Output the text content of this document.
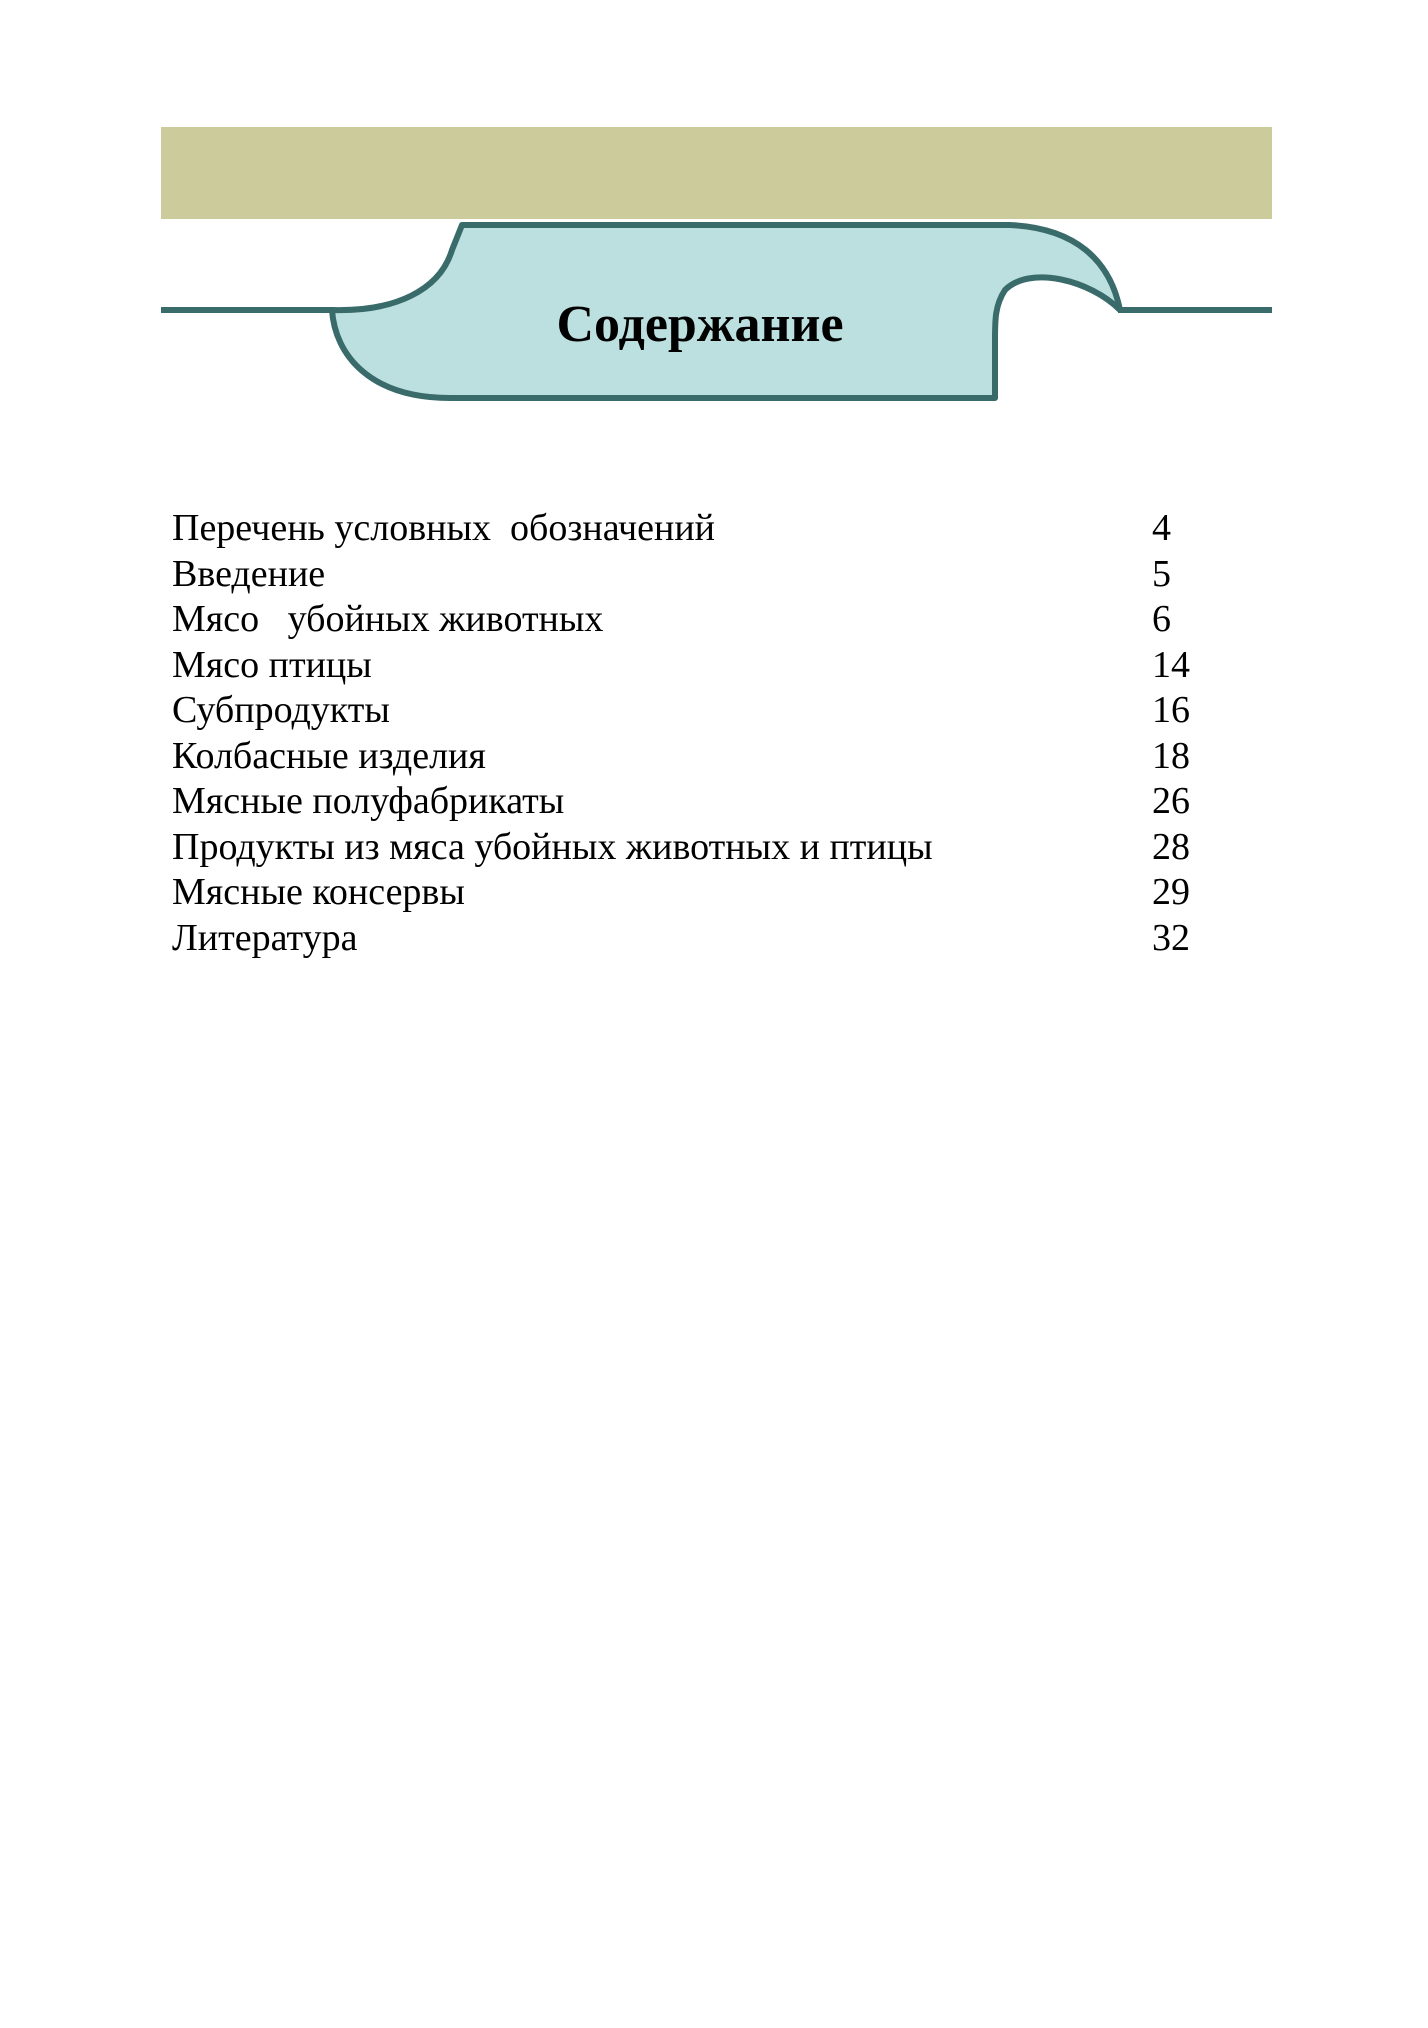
Содержание
Перечень условных  обозначений	4
Введение	5
Мясо   убойных животных	6
Мясо птицы	14
Субпродукты	16
Колбасные изделия	18
Мясные полуфабрикаты	26
Продукты из мяса убойных животных и птицы	28
Мясные консервы	29
Литература	32
